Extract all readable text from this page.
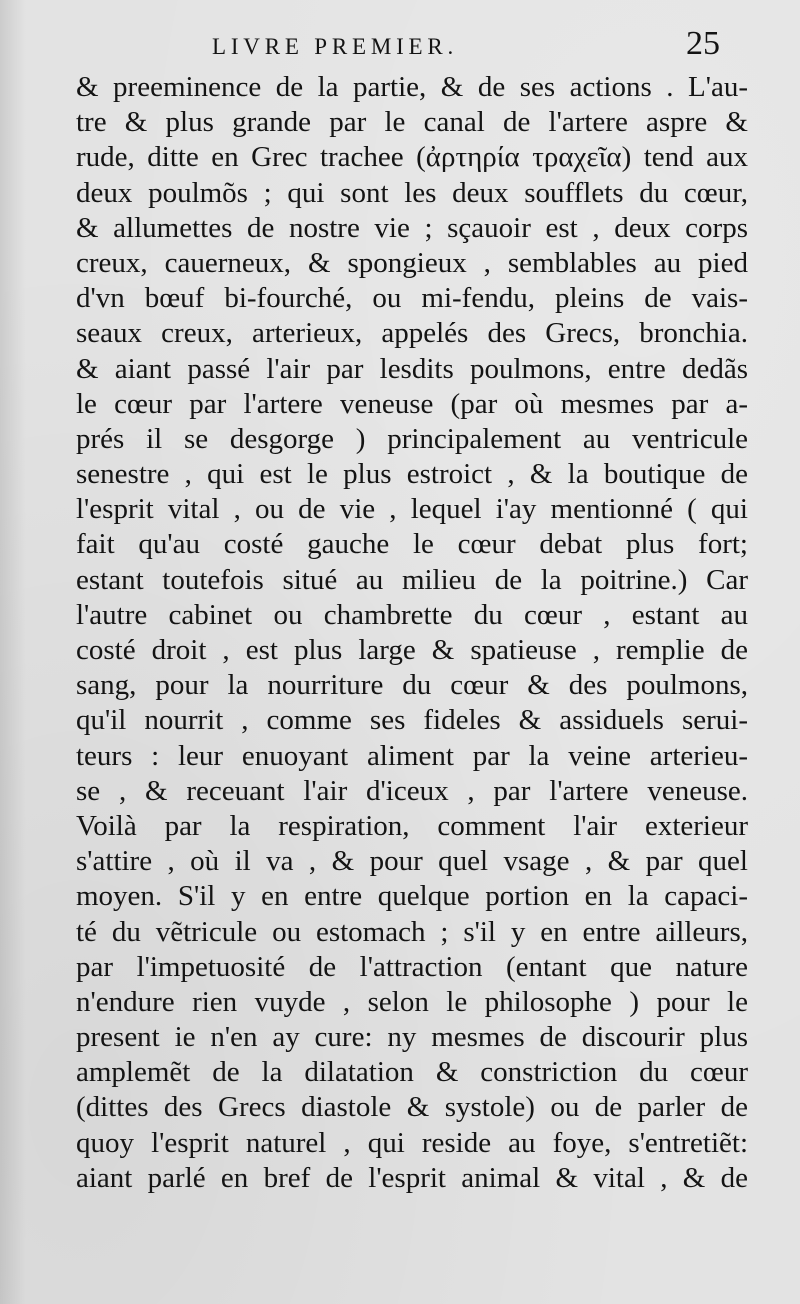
LIVRE PREMIER.	25
& preeminence de la partie, & de ses actions . L'au-
tre & plus grande par le canal de l'artere aspre &
rude, ditte en Grec trachee (ἀρτηρία τραχεῖα) tend aux
deux poulmõs ; qui sont les deux soufflets du cœur,
& allumettes de nostre vie ; sçauoir est , deux corps
creux, cauerneux, & spongieux , semblables au pied
d'vn bœuf bi-fourché, ou mi-fendu, pleins de vais-
seaux creux, arterieux, appelés des Grecs, bronchia.
& aiant passé l'air par lesdits poulmons, entre dedãs
le cœur par l'artere veneuse (par où mesmes par a-
prés il se desgorge ) principalement au ventricule
senestre , qui est le plus estroict , & la boutique de
l'esprit vital , ou de vie , lequel i'ay mentionné ( qui
fait qu'au costé gauche le cœur debat plus fort;
estant toutefois situé au milieu de la poitrine.) Car
l'autre cabinet ou chambrette du cœur , estant au
costé droit , est plus large & spatieuse , remplie de
sang, pour la nourriture du cœur & des poulmons,
qu'il nourrit , comme ses fideles & assiduels serui-
teurs : leur enuoyant aliment par la veine arterieu-
se , & receuant l'air d'iceux , par l'artere veneuse.
Voilà par la respiration, comment l'air exterieur
s'attire , où il va , & pour quel vsage , & par quel
moyen. S'il y en entre quelque portion en la capaci-
té du vẽtricule ou estomach ; s'il y en entre ailleurs,
par l'impetuosité de l'attraction (entant que nature
n'endure rien vuyde , selon le philosophe ) pour le
present ie n'en ay cure: ny mesmes de discourir plus
amplemẽt de la dilatation & constriction du cœur
(dittes des Grecs diastole & systole) ou de parler de
quoy l'esprit naturel , qui reside au foye, s'entretiẽt:
aiant parlé en bref de l'esprit animal & vital , & de
